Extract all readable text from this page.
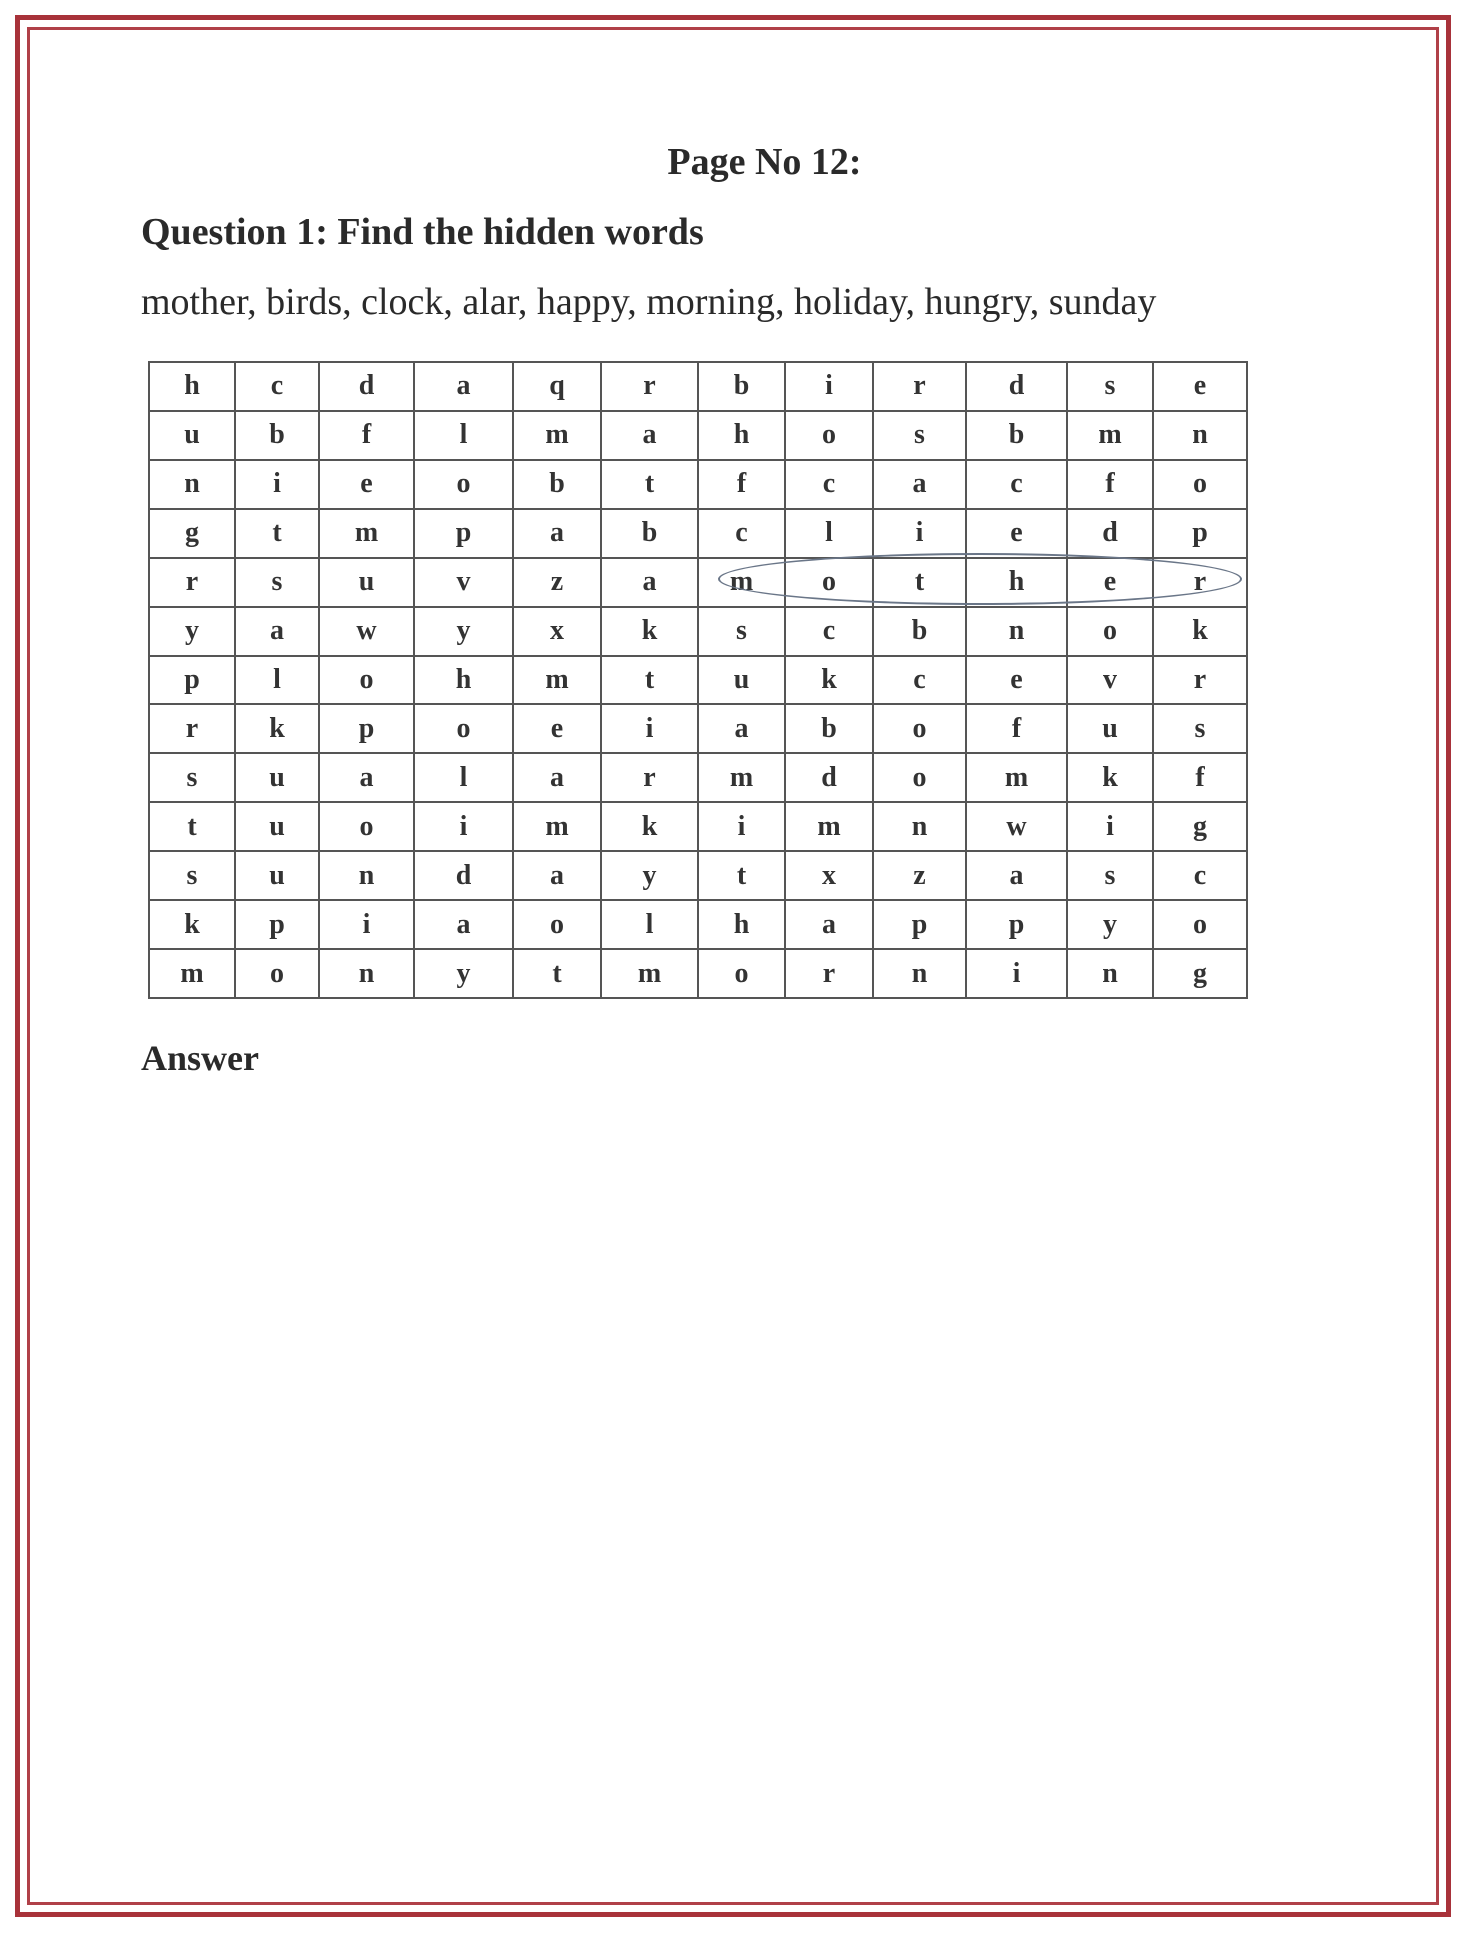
Page No 12:
Question 1: Find the hidden words
mother, birds, clock, alar, happy, morning, holiday, hungry, sunday
h	c	d	a	q	r	b	i	r	d	s	e
u	b	f	l	m	a	h	o	s	b	m	n
n	i	e	o	b	t	f	c	a	c	f	o
g	t	m	p	a	b	c	l	i	e	d	p
r	s	u	v	z	a	m	o	t	h	e	r
y	a	w	y	x	k	s	c	b	n	o	k
p	l	o	h	m	t	u	k	c	e	v	r
r	k	p	o	e	i	a	b	o	f	u	s
s	u	a	l	a	r	m	d	o	m	k	f
t	u	o	i	m	k	i	m	n	w	i	g
s	u	n	d	a	y	t	x	z	a	s	c
k	p	i	a	o	l	h	a	p	p	y	o
m	o	n	y	t	m	o	r	n	i	n	g
Answer
